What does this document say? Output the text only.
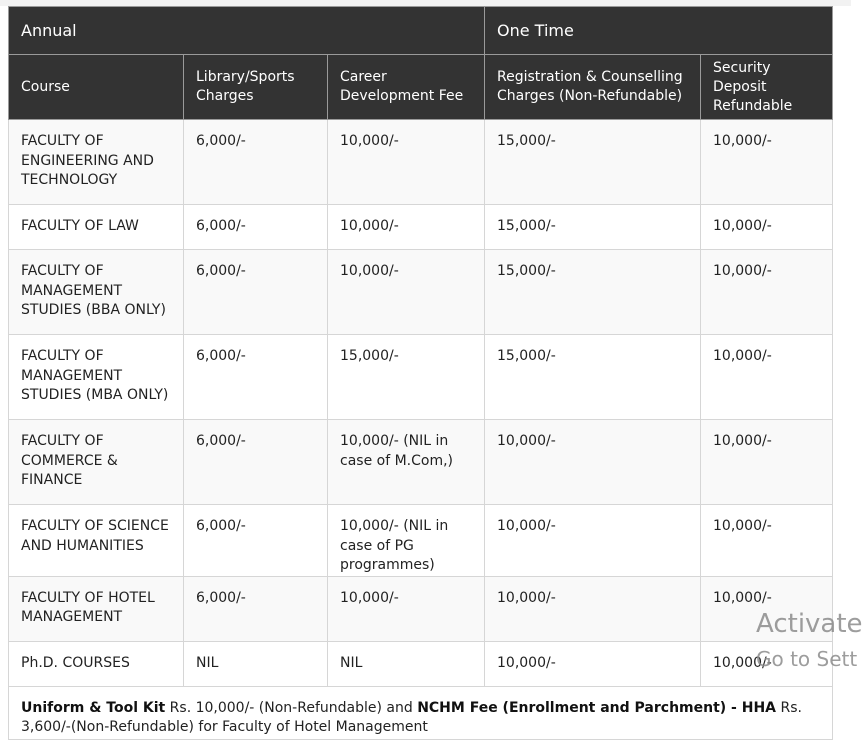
Annual			One Time	
Course	Library/Sports Charges	Career Development Fee	Registration & Counselling Charges (Non-Refundable)	Security Deposit Refundable
FACULTY OF ENGINEERING AND TECHNOLOGY	6,000/-	10,000/-	15,000/-	10,000/-
FACULTY OF LAW	6,000/-	10,000/-	15,000/-	10,000/-
FACULTY OF MANAGEMENT STUDIES (BBA ONLY)	6,000/-	10,000/-	15,000/-	10,000/-
FACULTY OF MANAGEMENT STUDIES (MBA ONLY)	6,000/-	15,000/-	15,000/-	10,000/-
FACULTY OF COMMERCE & FINANCE	6,000/-	10,000/- (NIL in case of M.Com,)	10,000/-	10,000/-
FACULTY OF SCIENCE AND HUMANITIES	6,000/-	10,000/- (NIL in case of PG programmes)	10,000/-	10,000/-
FACULTY OF HOTEL MANAGEMENT	6,000/-	10,000/-	10,000/-	10,000/-
Ph.D. COURSES	NIL	NIL	10,000/-	10,000/-
Uniform & Tool Kit Rs. 10,000/- (Non-Refundable) and NCHM Fee (Enrollment and Parchment) - HHA Rs. 3,600/-(Non-Refundable) for Faculty of Hotel Management				
Activate
Go to Sett
